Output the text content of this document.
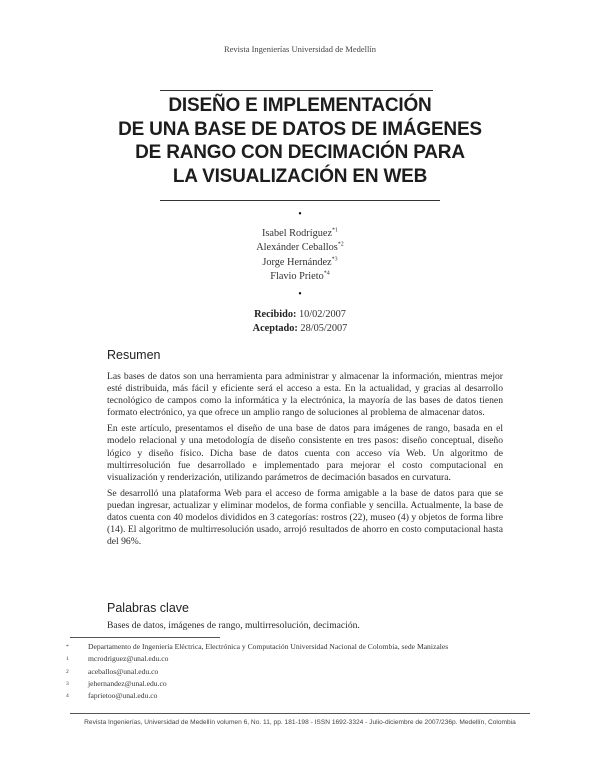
Revista Ingenierías Universidad de Medellín
DISEÑO E IMPLEMENTACIÓN
DE UNA BASE DE DATOS DE IMÁGENES
DE RANGO CON DECIMACIÓN PARA
LA VISUALIZACIÓN EN WEB
•
Isabel Rodríguez$^{*1}$
Alexánder Ceballos$^{*2}$
Jorge Hernández$^{*3}$
Flavio Prieto$^{*4}$
•
Recibido: 10/02/2007
Aceptado: 28/05/2007
Resumen

Las bases de datos son una herramienta para administrar y almacenar la información, mientras mejor esté distribuida, más fácil y eficiente será el acceso a esta. En la actualidad, y gracias al desarrollo tecnológico de campos como la informática y la electrónica, la mayoría de las bases de datos tienen formato electrónico, ya que ofrece un amplio rango de soluciones al problema de almacenar datos.

En este artículo, presentamos el diseño de una base de datos para imágenes de rango, basada en el modelo relacional y una metodología de diseño consistente en tres pasos: diseño conceptual, diseño lógico y diseño físico. Dicha base de datos cuenta con acceso vía Web. Un algoritmo de multirresolución fue desarrollado e implementado para mejorar el costo computacional en visualización y renderización, utilizando parámetros de decimación basados en curvatura.

Se desarrolló una plataforma Web para el acceso de forma amigable a la base de datos para que se puedan ingresar, actualizar y eliminar modelos, de forma confiable y sencilla. Actualmente, la base de datos cuenta con 40 modelos divididos en 3 categorías: rostros (22), museo (4) y objetos de forma libre (14). El algoritmo de multirresolución usado, arrojó resultados de ahorro en costo computacional hasta del 96%.

Palabras clave
Bases de datos, imágenes de rango, multirresolución, decimación.
*	Departamento de Ingeniería Eléctrica, Electrónica y Computación Universidad Nacional de Colombia, sede Manizales
1	mcrodriguez@unal.edu.co
2	aceballos@unal.edu.co
3	jehernandez@unal.edu.co
4	faprietoo@unal.edu.co
Revista Ingenierías, Universidad de Medellín volumen 6, No. 11, pp. 181-198 - ISSN 1692-3324 - Julio-diciembre de 2007/236p. Medellín, Colombia
